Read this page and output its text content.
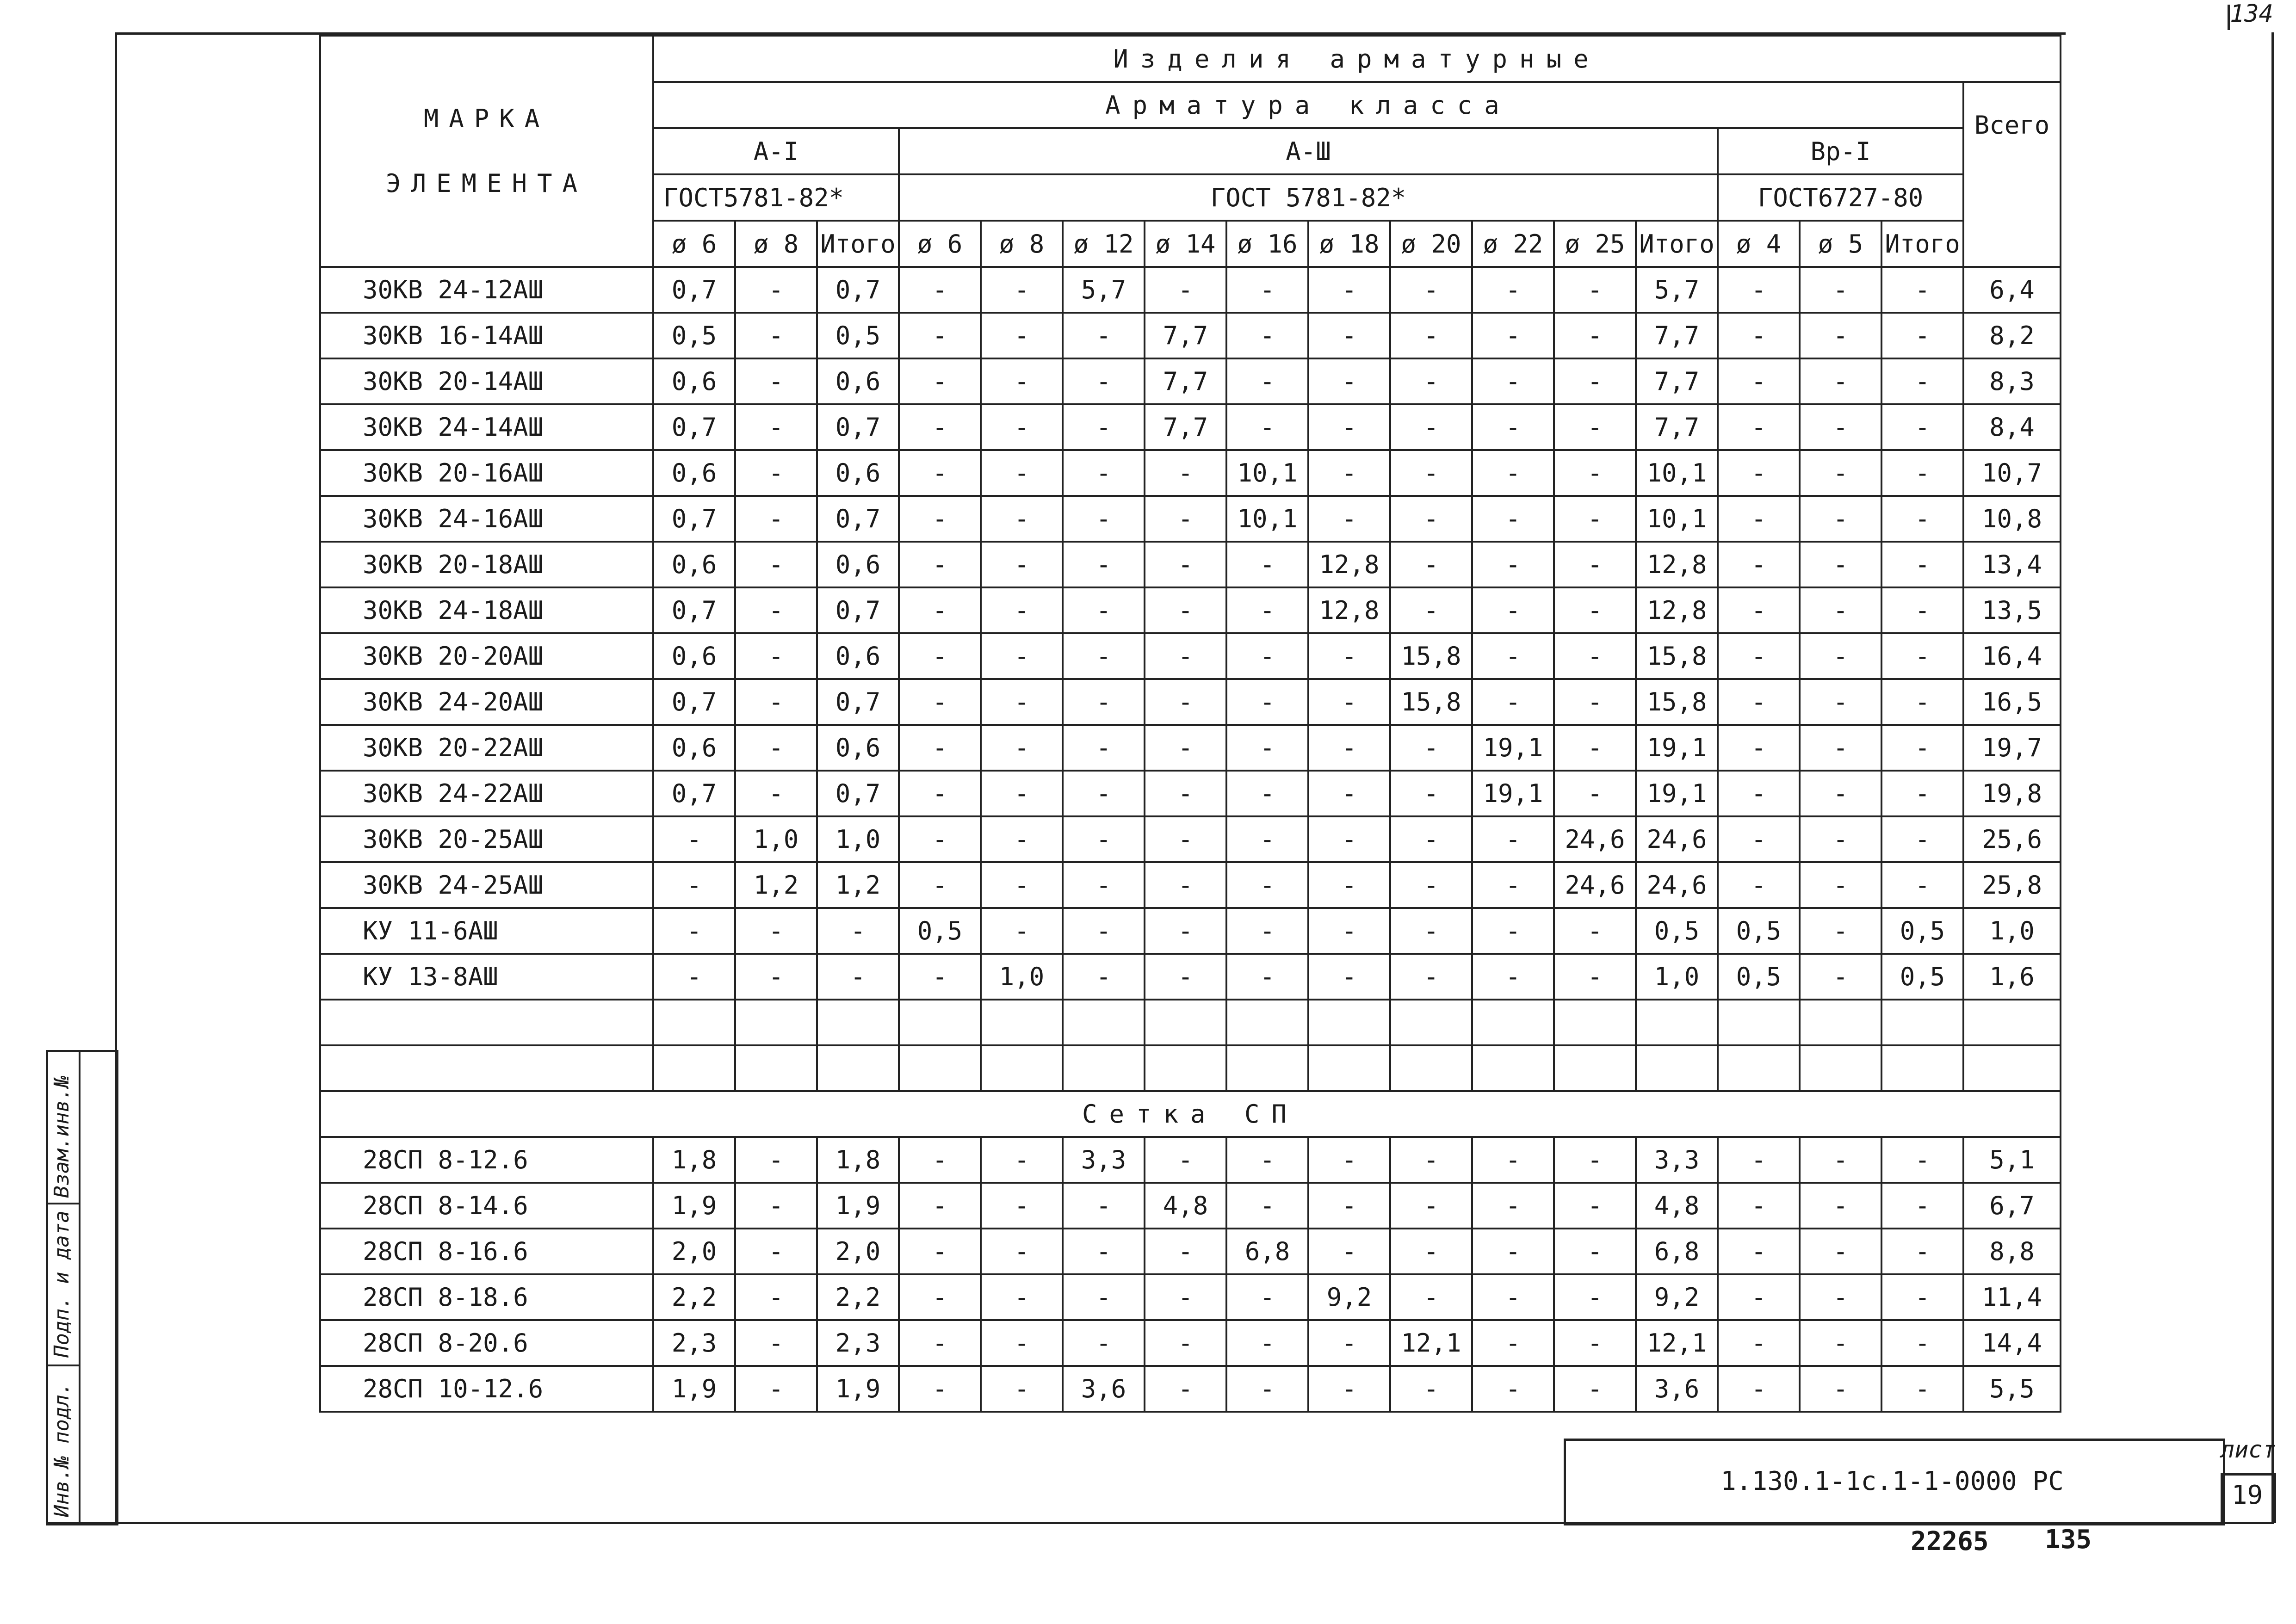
134
МАРКА
ЭЛЕМЕНТА	Изделия арматурные																
	Арматура класса																Всего
	А-I			А-Ш										Вр-I			
	ГОСТ5781-82*			ГОСТ 5781-82*										ГОСТ6727-80			
	ø 6	ø 8	Итого	ø 6	ø 8	ø 12	ø 14	ø 16	ø 18	ø 20	ø 22	ø 25	Итого	ø 4	ø 5	Итого	
30КВ 24-12АШ	0,7	-	0,7	-	-	5,7	-	-	-	-	-	-	5,7	-	-	-	6,4
30КВ 16-14АШ	0,5	-	0,5	-	-	-	7,7	-	-	-	-	-	7,7	-	-	-	8,2
30КВ 20-14АШ	0,6	-	0,6	-	-	-	7,7	-	-	-	-	-	7,7	-	-	-	8,3
30КВ 24-14АШ	0,7	-	0,7	-	-	-	7,7	-	-	-	-	-	7,7	-	-	-	8,4
30КВ 20-16АШ	0,6	-	0,6	-	-	-	-	10,1	-	-	-	-	10,1	-	-	-	10,7
30КВ 24-16АШ	0,7	-	0,7	-	-	-	-	10,1	-	-	-	-	10,1	-	-	-	10,8
30КВ 20-18АШ	0,6	-	0,6	-	-	-	-	-	12,8	-	-	-	12,8	-	-	-	13,4
30КВ 24-18АШ	0,7	-	0,7	-	-	-	-	-	12,8	-	-	-	12,8	-	-	-	13,5
30КВ 20-20АШ	0,6	-	0,6	-	-	-	-	-	-	15,8	-	-	15,8	-	-	-	16,4
30КВ 24-20АШ	0,7	-	0,7	-	-	-	-	-	-	15,8	-	-	15,8	-	-	-	16,5
30КВ 20-22АШ	0,6	-	0,6	-	-	-	-	-	-	-	19,1	-	19,1	-	-	-	19,7
30КВ 24-22АШ	0,7	-	0,7	-	-	-	-	-	-	-	19,1	-	19,1	-	-	-	19,8
30КВ 20-25АШ	-	1,0	1,0	-	-	-	-	-	-	-	-	24,6	24,6	-	-	-	25,6
30КВ 24-25АШ	-	1,2	1,2	-	-	-	-	-	-	-	-	24,6	24,6	-	-	-	25,8
КУ 11-6АШ	-	-	-	0,5	-	-	-	-	-	-	-	-	0,5	0,5	-	0,5	1,0
КУ 13-8АШ	-	-	-	-	1,0	-	-	-	-	-	-	-	1,0	0,5	-	0,5	1,6

Сетка СП																	
28СП 8-12.6	1,8	-	1,8	-	-	3,3	-	-	-	-	-	-	3,3	-	-	-	5,1
28СП 8-14.6	1,9	-	1,9	-	-	-	4,8	-	-	-	-	-	4,8	-	-	-	6,7
28СП 8-16.6	2,0	-	2,0	-	-	-	-	6,8	-	-	-	-	6,8	-	-	-	8,8
28СП 8-18.6	2,2	-	2,2	-	-	-	-	-	9,2	-	-	-	9,2	-	-	-	11,4
28СП 8-20.6	2,3	-	2,3	-	-	-	-	-	-	12,1	-	-	12,1	-	-	-	14,4
28СП 10-12.6	1,9	-	1,9	-	-	3,6	-	-	-	-	-	-	3,6	-	-	-	5,5
1.130.1-1с.1-1-0000 РС
лист
19
22265 135
Взам.инв.№
Подп. и дата
Инв.№ подл.
